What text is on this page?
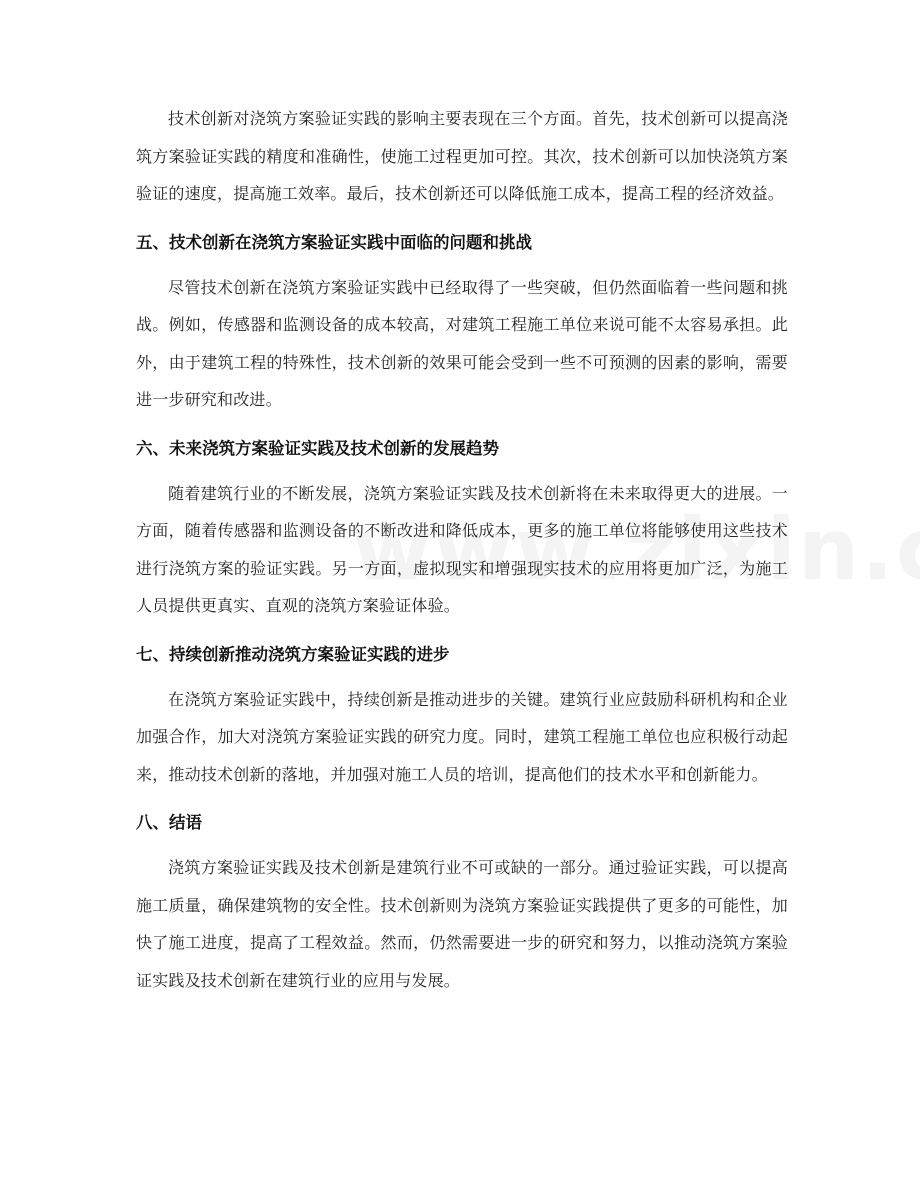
技术创新对浇筑方案验证实践的影响主要表现在三个方面。首先，技术创新可以提高浇筑方案验证实践的精度和准确性，使施工过程更加可控。其次，技术创新可以加快浇筑方案验证的速度，提高施工效率。最后，技术创新还可以降低施工成本，提高工程的经济效益。

五、技术创新在浇筑方案验证实践中面临的问题和挑战

尽管技术创新在浇筑方案验证实践中已经取得了一些突破，但仍然面临着一些问题和挑战。例如，传感器和监测设备的成本较高，对建筑工程施工单位来说可能不太容易承担。此外，由于建筑工程的特殊性，技术创新的效果可能会受到一些不可预测的因素的影响，需要进一步研究和改进。

六、未来浇筑方案验证实践及技术创新的发展趋势

随着建筑行业的不断发展，浇筑方案验证实践及技术创新将在未来取得更大的进展。一方面，随着传感器和监测设备的不断改进和降低成本，更多的施工单位将能够使用这些技术进行浇筑方案的验证实践。另一方面，虚拟现实和增强现实技术的应用将更加广泛，为施工人员提供更真实、直观的浇筑方案验证体验。

七、持续创新推动浇筑方案验证实践的进步

在浇筑方案验证实践中，持续创新是推动进步的关键。建筑行业应鼓励科研机构和企业加强合作，加大对浇筑方案验证实践的研究力度。同时，建筑工程施工单位也应积极行动起来，推动技术创新的落地，并加强对施工人员的培训，提高他们的技术水平和创新能力。

八、结语

浇筑方案验证实践及技术创新是建筑行业不可或缺的一部分。通过验证实践，可以提高施工质量，确保建筑物的安全性。技术创新则为浇筑方案验证实践提供了更多的可能性，加快了施工进度，提高了工程效益。然而，仍然需要进一步的研究和努力，以推动浇筑方案验证实践及技术创新在建筑行业的应用与发展。
